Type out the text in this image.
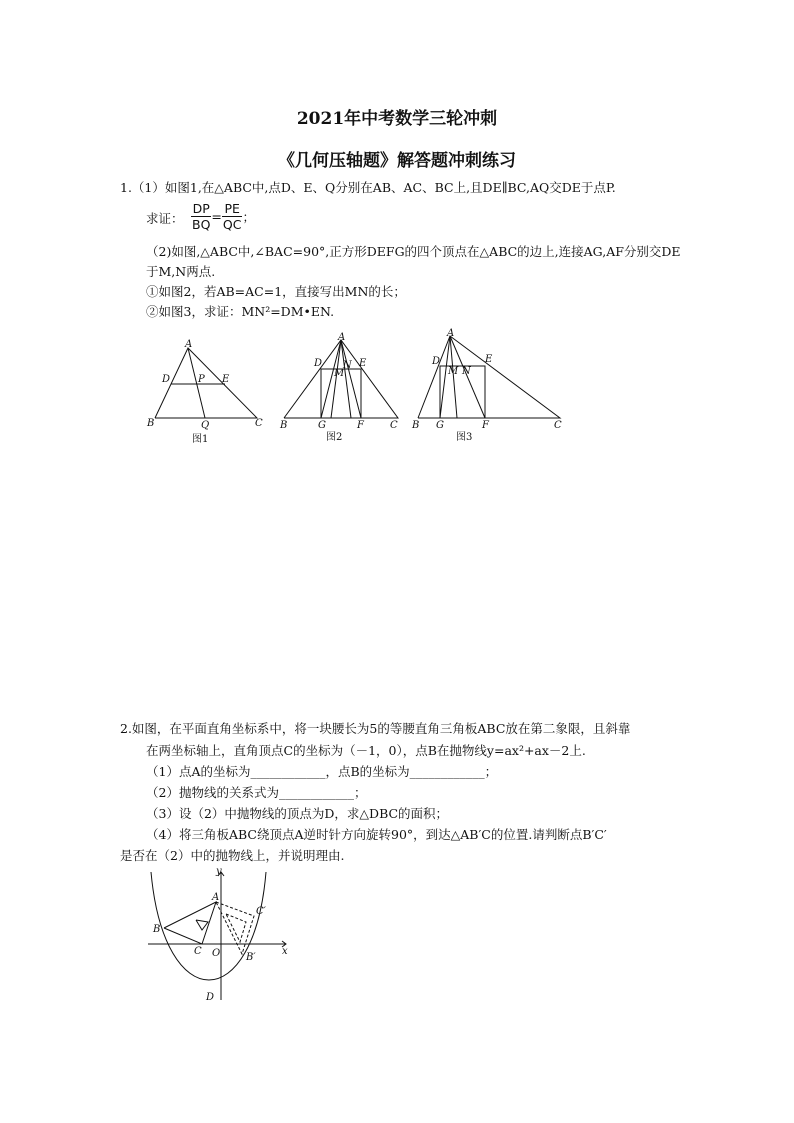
2021年中考数学三轮冲刺
《几何压轴题》解答题冲刺练习
1.（1）如图1,在△ABC中,点D、E、Q分别在AB、AC、BC上,且DE∥BC,AQ交DE于点P.
求证： $\frac{DP}{BQ} = \frac{PE}{QC}$ ；
（2)如图,△ABC中,∠BAC=90°,正方形DEFG的四个顶点在△ABC的边上,连接AG,AF分别交DE
于M,N两点.
①如图2，若AB=AC=1，直接写出MN的长；
②如图3，求证：MN²=DM•EN.
A
B	C
D	P E
Q
图1
A
D	E
M
N
B	C
G	F
图2
A
D	E
M N
B	C
G	F
图3
2.如图，在平面直角坐标系中，将一块腰长为5的等腰直角三角板ABC放在第二象限，且斜靠
在两坐标轴上，直角顶点C的坐标为（－1，0），点B在抛物线y=ax²+ax－2上.
（1）点A的坐标为____________，点B的坐标为____________；
（2）抛物线的关系式为____________；
（3）设（2）中抛物线的顶点为D，求△DBC的面积；
（4）将三角板ABC绕顶点A逆时针方向旋转90°，到达△AB′C的位置.请判断点B′C′
是否在（2）中的抛物线上，并说明理由.
y
x
A
B
C O
C′
B′
D
